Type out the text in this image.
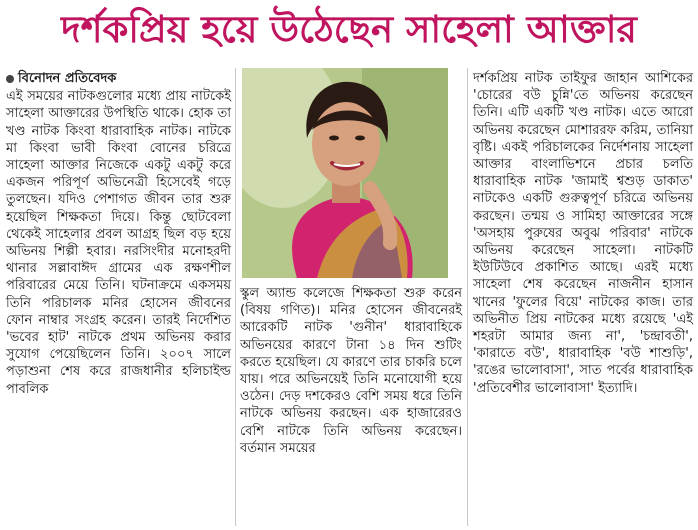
দর্শকপ্রিয় হয়ে উঠেছেন সাহেলা আক্তার
বিনোদন প্রতিবেদক

এই সময়ের নাটকগুলোর মধ্যে প্রায় নাটকেই সাহেলা আক্তারের উপস্থিতি থাকে। হোক তা খণ্ড নাটক কিংবা ধারাবাহিক নাটক। নাটকে মা কিংবা ভাবী কিংবা বোনের চরিত্রে সাহেলা আক্তার নিজেকে একটু একটু করে একজন পরিপূর্ণ অভিনেত্রী হিসেবেই গড়ে তুলছেন। যদিও পেশাগত জীবন তার শুরু হয়েছিল শিক্ষকতা দিয়ে। কিন্তু ছোটবেলা থেকেই সাহেলার প্রবল আগ্রহ ছিল বড় হয়ে অভিনয় শিল্পী হবার। নরসিংদীর মনোহরদী থানার সল্লাবাঈদ গ্রামের এক রক্ষণশীল পরিবারের মেয়ে তিনি। ঘটনাক্রমে একসময় তিনি পরিচালক মনির হোসেন জীবনের ফোন নাম্বার সংগ্রহ করেন। তারই নির্দেশিত 'ভবের হাট' নাটকে প্রথম অভিনয় করার সুযোগ পেয়েছিলেন তিনি। ২০০৭ সালে পড়াশুনা শেষ করে রাজধানীর হলিচাইল্ড পাবলিক

স্কুল অ্যান্ড কলেজে শিক্ষকতা শুরু করেন (বিষয় গণিত)। মনির হোসেন জীবনেরই আরেকটি নাটক 'গুনীন' ধারাবাহিকে অভিনয়ের কারণে টানা ১৪ দিন শুটিং করতে হয়েছিল। যে কারণে তার চাকরি চলে যায়। পরে অভিনয়েই তিনি মনোযোগী হয়ে ওঠেন। দেড় দশকেরও বেশি সময় ধরে তিনি নাটকে অভিনয় করছেন। এক হাজারেরও বেশি নাটকে তিনি অভিনয় করেছেন। বর্তমান সময়ের

দর্শকপ্রিয় নাটক তাইফুর জাহান আশিকের 'চোরের বউ চুন্নি'তে অভিনয় করেছেন তিনি। এটি একটি খণ্ড নাটক। এতে আরো অভিনয় করেছেন মোশাররফ করিম, তানিয়া বৃষ্টি। একই পরিচালকের নির্দেশনায় সাহেলা আক্তার বাংলাভিশনে প্রচার চলতি ধারাবাহিক নাটক 'জামাই শ্বশুড় ডাকাত' নাটকেও একটি গুরুত্বপূর্ণ চরিত্রে অভিনয় করছেন। তন্ময় ও সামিহা আক্তারের সঙ্গে 'অসহায় পুরুষের অবুঝ পরিবার' নাটকে অভিনয় করেছেন সাহেলা। নাটকটি ইউটিউবে প্রকাশিত আছে। এরই মধ্যে সাহেলা শেষ করেছেন নাজনীন হাসান খানের 'ফুলের বিয়ে' নাটকের কাজ। তার অভিনীত প্রিয় নাটকের মধ্যে রয়েছে 'এই শহরটা আমার জন্য না', 'চন্দ্রাবতী', 'কারাতে বউ', ধারাবাহিক 'বউ শাশুড়ি', 'রঙের ভালোবাসা', সাত পর্বের ধারাবাহিক 'প্রতিবেশীর ভালোবাসা' ইত্যাদি।
